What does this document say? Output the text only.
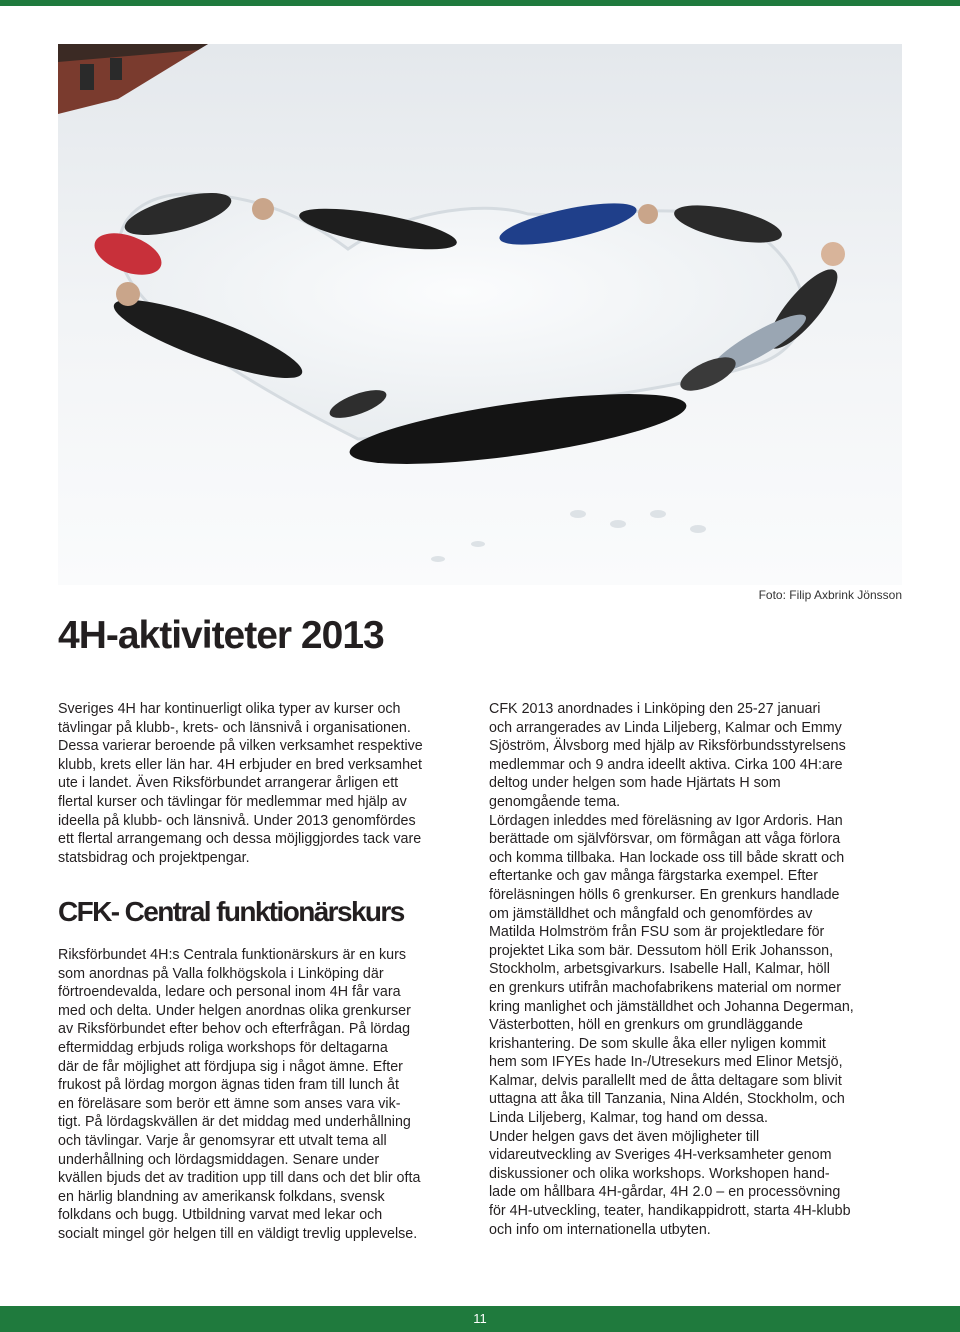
Foto: Filip Axbrink Jönsson
4H-aktiviteter 2013

Sveriges 4H har kontinuerligt olika typer av kurser och

tävlingar på klubb-, krets- och länsnivå i organisationen.

Dessa varierar beroende på vilken verksamhet respektive

klubb, krets eller län har. 4H erbjuder en bred verksamhet

ute i landet. Även Riksförbundet arrangerar årligen ett

flertal kurser och tävlingar för medlemmar med hjälp av

ideella på klubb- och länsnivå. Under 2013 genomfördes

ett flertal arrangemang och dessa möjliggjordes tack vare

statsbidrag och projektpengar.

CFK- Central funktionärskurs

Riksförbundet 4H:s Centrala funktionärskurs är en kurs

som anordnas på Valla folkhögskola i Linköping där

förtroendevalda, ledare och personal inom 4H får vara

med och delta. Under helgen anordnas olika grenkurser

av Riksförbundet efter behov och efterfrågan. På lördag

eftermiddag erbjuds roliga workshops för deltagarna

där de får möjlighet att fördjupa sig i något ämne. Efter

frukost på lördag morgon ägnas tiden fram till lunch åt

en föreläsare som berör ett ämne som anses vara vik-

tigt. På lördagskvällen är det middag med underhållning

och tävlingar. Varje år genomsyrar ett utvalt tema all

underhållning och lördagsmiddagen. Senare under

kvällen bjuds det av tradition upp till dans och det blir ofta

en härlig blandning av amerikansk folkdans, svensk

folkdans och bugg. Utbildning varvat med lekar och

socialt mingel gör helgen till en väldigt trevlig upplevelse.

CFK 2013 anordnades i Linköping den 25-27 januari

och arrangerades av Linda Liljeberg, Kalmar och Emmy

Sjöström, Älvsborg med hjälp av Riksförbundsstyrelsens

medlemmar och 9 andra ideellt aktiva. Cirka 100 4H:are

deltog under helgen som hade Hjärtats H som

genomgående tema.

Lördagen inleddes med föreläsning av Igor Ardoris. Han

berättade om självförsvar, om förmågan att våga förlora

och komma tillbaka. Han lockade oss till både skratt och

eftertanke och gav många färgstarka exempel. Efter

föreläsningen hölls 6 grenkurser. En grenkurs handlade

om jämställdhet och mångfald och genomfördes av

Matilda Holmström från FSU som är projektledare för

projektet Lika som bär. Dessutom höll Erik Johansson,

Stockholm, arbetsgivarkurs. Isabelle Hall, Kalmar, höll

en grenkurs utifrån machofabrikens material om normer

kring manlighet och jämställdhet och Johanna Degerman,

Västerbotten, höll en grenkurs om grundläggande

krishantering. De som skulle åka eller nyligen kommit

hem som IFYEs hade In-/Utresekurs med Elinor Metsjö,

Kalmar, delvis parallellt med de åtta deltagare som blivit

uttagna att åka till Tanzania, Nina Aldén, Stockholm, och

Linda Liljeberg, Kalmar, tog hand om dessa.

Under helgen gavs det även möjligheter till

vidareutveckling av Sveriges 4H-verksamheter genom

diskussioner och olika workshops. Workshopen hand-

lade om hållbara 4H-gårdar, 4H 2.0 – en processövning

för 4H-utveckling, teater, handikappidrott, starta 4H-klubb

och info om internationella utbyten.

11
